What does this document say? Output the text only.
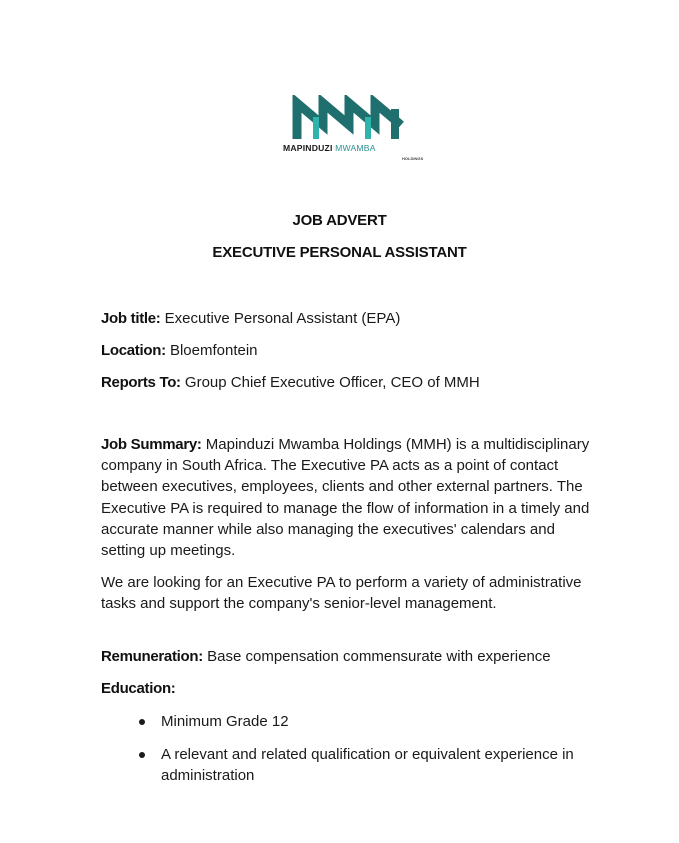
MAPINDUZI MWAMBA
HOLDINGS
JOB ADVERT
EXECUTIVE PERSONAL ASSISTANT
Job title: Executive Personal Assistant (EPA)
Location: Bloemfontein
Reports To: Group Chief Executive Officer, CEO of MMH

Job Summary: Mapinduzi Mwamba Holdings (MMH) is a multidisciplinary company in South Africa. The Executive PA acts as a point of contact between executives, employees, clients and other external partners. The Executive PA is required to manage the flow of information in a timely and accurate manner while also managing the executives' calendars and setting up meetings.

We are looking for an Executive PA to perform a variety of administrative tasks and support the company's senior-level management.

Remuneration: Base compensation commensurate with experience
Education:
Minimum Grade 12
A relevant and related qualification or equivalent experience in administration
